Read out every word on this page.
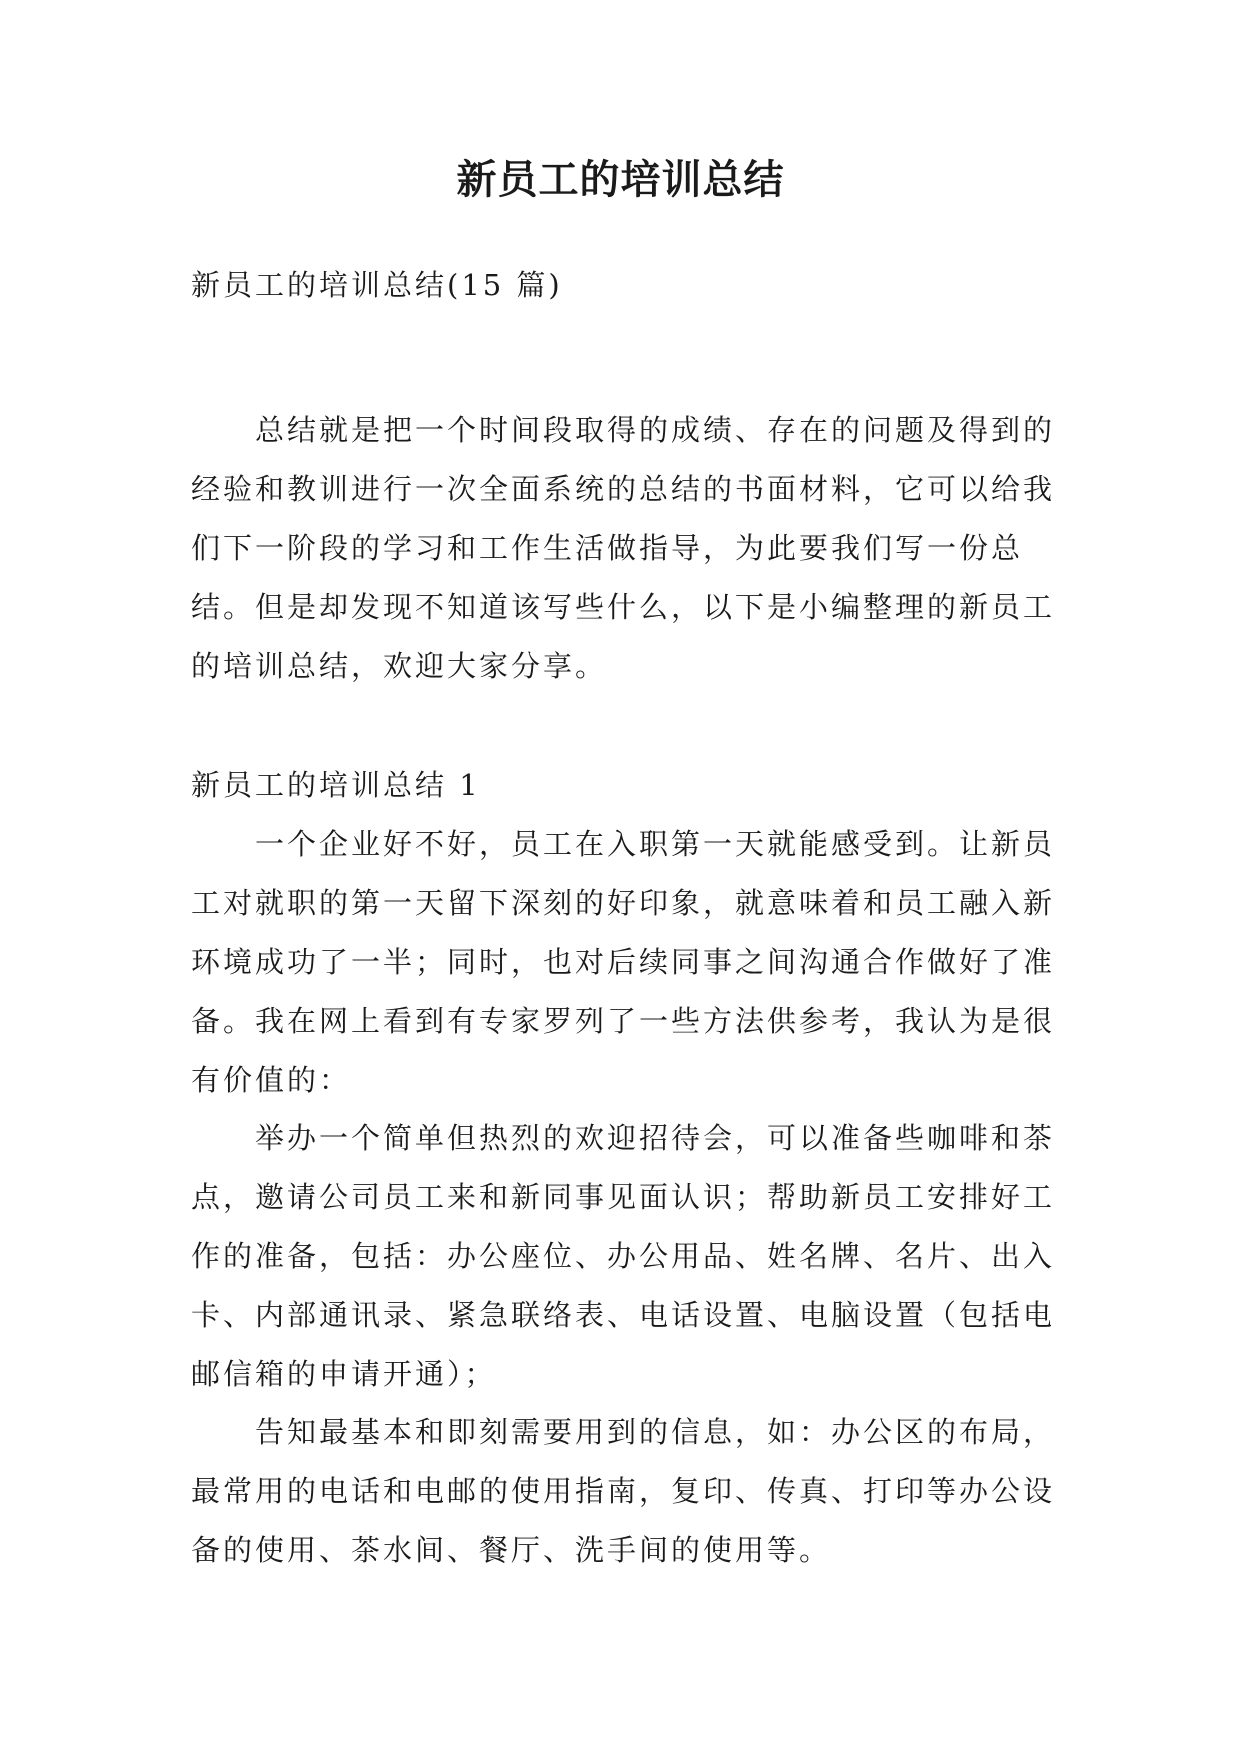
新员工的培训总结

新员工的培训总结(15 篇)

总结就是把一个时间段取得的成绩、存在的问题及得到的经验和教训进行一次全面系统的总结的书面材料，它可以给我们下一阶段的学习和工作生活做指导，为此要我们写一份总结。但是却发现不知道该写些什么，以下是小编整理的新员工的培训总结，欢迎大家分享。

新员工的培训总结 1

一个企业好不好，员工在入职第一天就能感受到。让新员工对就职的第一天留下深刻的好印象，就意味着和员工融入新环境成功了一半；同时，也对后续同事之间沟通合作做好了准备。我在网上看到有专家罗列了一些方法供参考，我认为是很有价值的：

举办一个简单但热烈的欢迎招待会，可以准备些咖啡和茶点，邀请公司员工来和新同事见面认识；帮助新员工安排好工作的准备，包括：办公座位、办公用品、姓名牌、名片、出入卡、内部通讯录、紧急联络表、电话设置、电脑设置（包括电邮信箱的申请开通）；

告知最基本和即刻需要用到的信息，如：办公区的布局，最常用的电话和电邮的使用指南，复印、传真、打印等办公设备的使用、茶水间、餐厅、洗手间的使用等。
